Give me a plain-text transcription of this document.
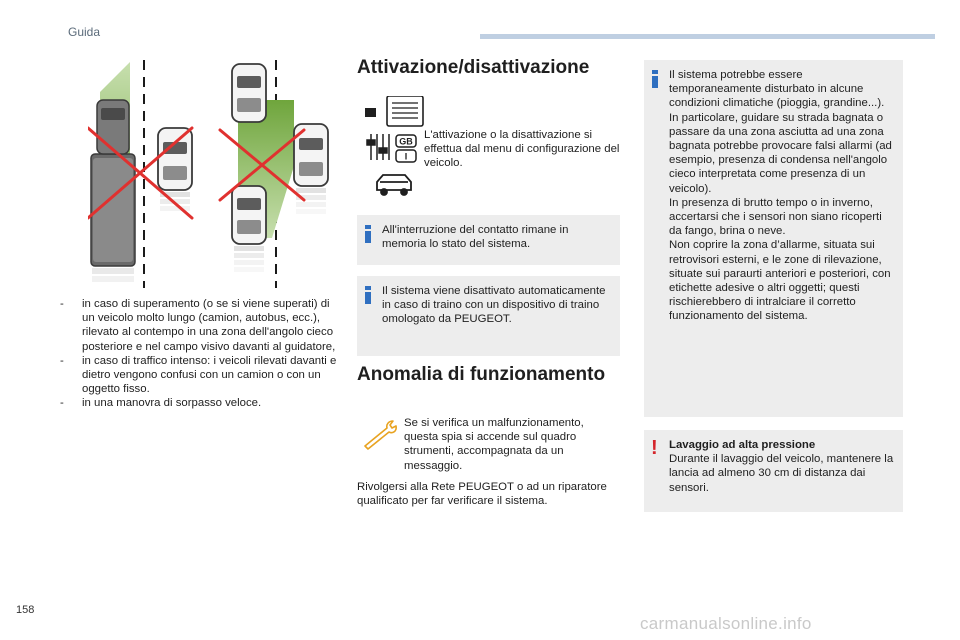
Guida
- in caso di superamento (o se si viene superati) di un veicolo molto lungo (camion, autobus, ecc.), rilevato al contempo in una zona dell'angolo cieco posteriore e nel campo visivo davanti al guidatore,
- in caso di traffico intenso: i veicoli rilevati davanti e dietro vengono confusi con un camion o con un oggetto fisso.
- in una manovra di sorpasso veloce.
Attivazione/disattivazione
GB
I
L'attivazione o la disattivazione si effettua dal menu di configurazione del veicolo.
All'interruzione del contatto rimane in memoria lo stato del sistema.
Il sistema viene disattivato automaticamente in caso di traino con un dispositivo di traino omologato da PEUGEOT.
Anomalia di funzionamento
Se si verifica un malfunzionamento, questa spia si accende sul quadro strumenti, accompagnata da un messaggio.
Rivolgersi alla Rete PEUGEOT o ad un riparatore qualificato per far verificare il sistema.
Il sistema potrebbe essere temporaneamente disturbato in alcune condizioni climatiche (pioggia, grandine...).
In particolare, guidare su strada bagnata o passare da una zona asciutta ad una zona bagnata potrebbe provocare falsi allarmi (ad esempio, presenza di condensa nell'angolo cieco interpretata come presenza di un veicolo).
In presenza di brutto tempo o in inverno, accertarsi che i sensori non siano ricoperti da fango, brina o neve.
Non coprire la zona d’allarme, situata sui retrovisori esterni, e le zone di rilevazione, situate sui paraurti anteriori e posteriori, con etichette adesive o altri oggetti; questi rischierebbero di intralciare il corretto funzionamento del sistema.
! Lavaggio ad alta pressione
Durante il lavaggio del veicolo, mantenere la lancia ad almeno 30 cm di distanza dai sensori.
158
carmanualsonline.info
